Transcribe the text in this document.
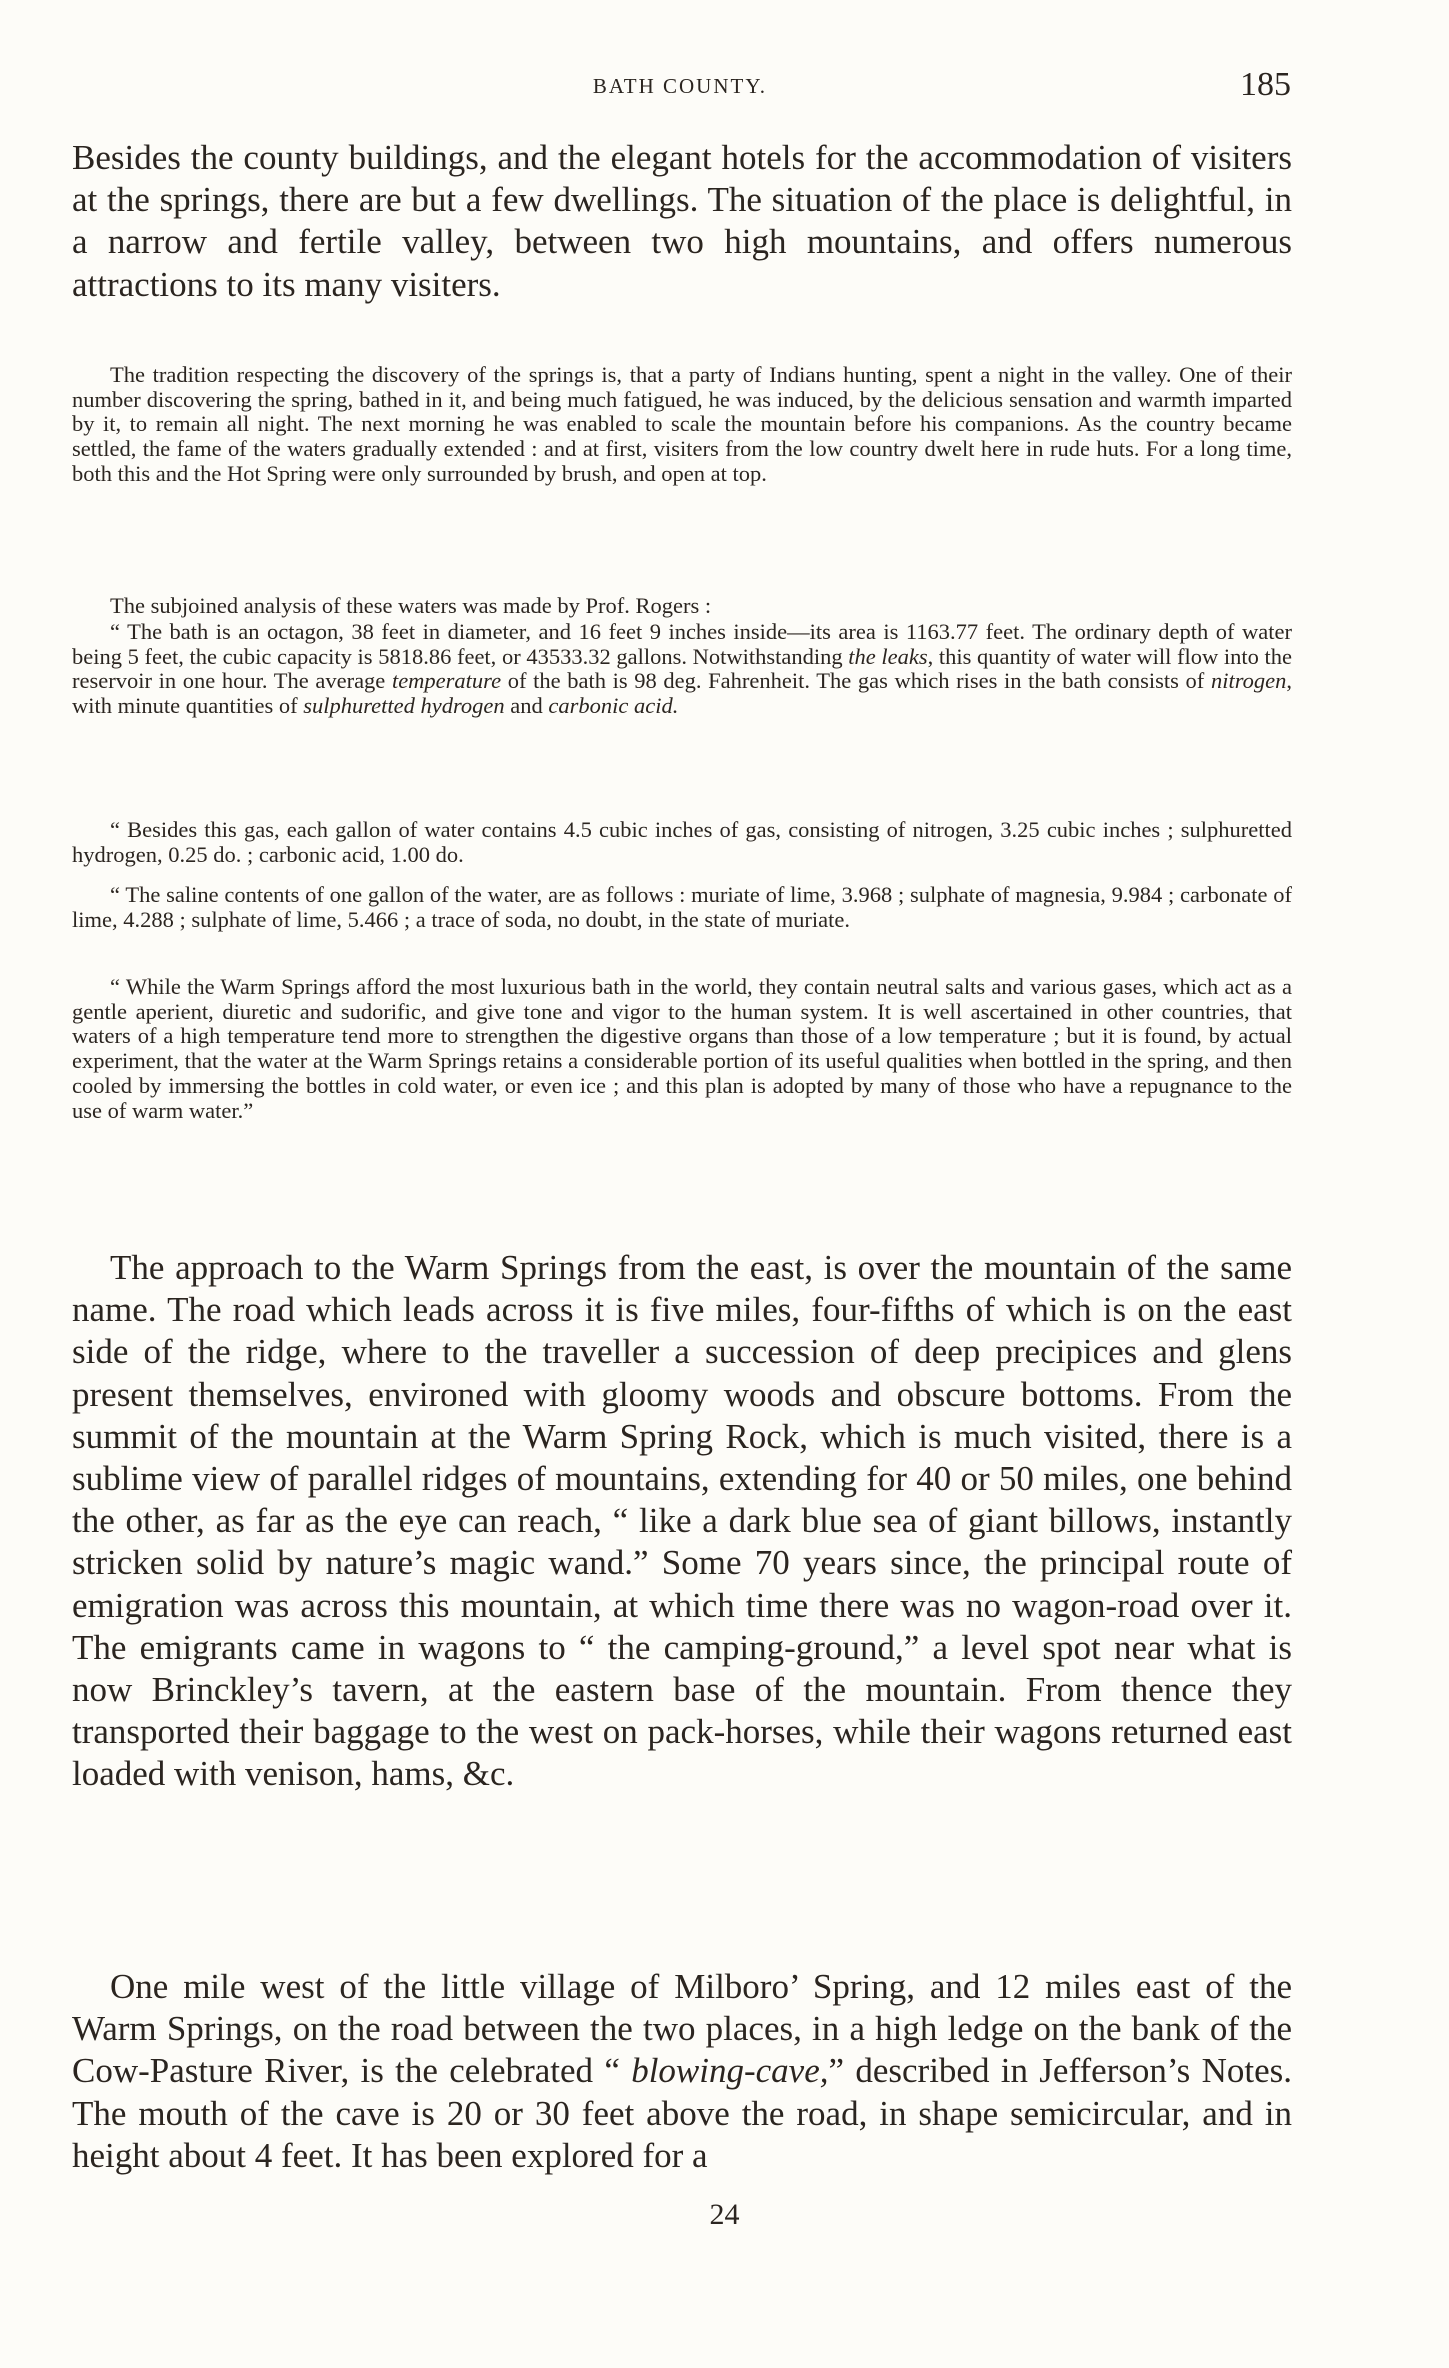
BATH COUNTY.	185

Besides the county buildings, and the elegant hotels for the accommodation of visiters at the springs, there are but a few dwellings. The situation of the place is delightful, in a narrow and fertile valley, between two high mountains, and offers numerous attractions to its many visiters.

The tradition respecting the discovery of the springs is, that a party of Indians hunting, spent a night in the valley. One of their number discovering the spring, bathed in it, and being much fatigued, he was induced, by the delicious sensation and warmth imparted by it, to remain all night. The next morning he was enabled to scale the mountain before his companions. As the country became settled, the fame of the waters gradually extended : and at first, visiters from the low country dwelt here in rude huts. For a long time, both this and the Hot Spring were only surrounded by brush, and open at top.

The subjoined analysis of these waters was made by Prof. Rogers :

“ The bath is an octagon, 38 feet in diameter, and 16 feet 9 inches inside—its area is 1163.77 feet. The ordinary depth of water being 5 feet, the cubic capacity is 5818.86 feet, or 43533.32 gallons. Notwithstanding the leaks, this quantity of water will flow into the reservoir in one hour. The average temperature of the bath is 98 deg. Fahrenheit. The gas which rises in the bath consists of nitrogen, with minute quantities of sulphuretted hydrogen and carbonic acid.

“ Besides this gas, each gallon of water contains 4.5 cubic inches of gas, consisting of nitrogen, 3.25 cubic inches ; sulphuretted hydrogen, 0.25 do. ; carbonic acid, 1.00 do.

“ The saline contents of one gallon of the water, are as follows : muriate of lime, 3.968 ; sulphate of magnesia, 9.984 ; carbonate of lime, 4.288 ; sulphate of lime, 5.466 ; a trace of soda, no doubt, in the state of muriate.

“ While the Warm Springs afford the most luxurious bath in the world, they contain neutral salts and various gases, which act as a gentle aperient, diuretic and sudorific, and give tone and vigor to the human system. It is well ascertained in other countries, that waters of a high temperature tend more to strengthen the digestive organs than those of a low temperature ; but it is found, by actual experiment, that the water at the Warm Springs retains a considerable portion of its useful qualities when bottled in the spring, and then cooled by immersing the bottles in cold water, or even ice ; and this plan is adopted by many of those who have a repugnance to the use of warm water.”

The approach to the Warm Springs from the east, is over the mountain of the same name. The road which leads across it is five miles, four-fifths of which is on the east side of the ridge, where to the traveller a succession of deep precipices and glens present themselves, environed with gloomy woods and obscure bottoms. From the summit of the mountain at the Warm Spring Rock, which is much visited, there is a sublime view of parallel ridges of mountains, extending for 40 or 50 miles, one behind the other, as far as the eye can reach, “ like a dark blue sea of giant billows, instantly stricken solid by nature’s magic wand.” Some 70 years since, the principal route of emigration was across this mountain, at which time there was no wagon-road over it. The emigrants came in wagons to “ the camping-ground,” a level spot near what is now Brinckley’s tavern, at the eastern base of the mountain. From thence they transported their baggage to the west on pack-horses, while their wagons returned east loaded with venison, hams, &c.

One mile west of the little village of Milboro’ Spring, and 12 miles east of the Warm Springs, on the road between the two places, in a high ledge on the bank of the Cow-Pasture River, is the celebrated “ blowing-cave,” described in Jefferson’s Notes. The mouth of the cave is 20 or 30 feet above the road, in shape semicircular, and in height about 4 feet. It has been explored for a

24
